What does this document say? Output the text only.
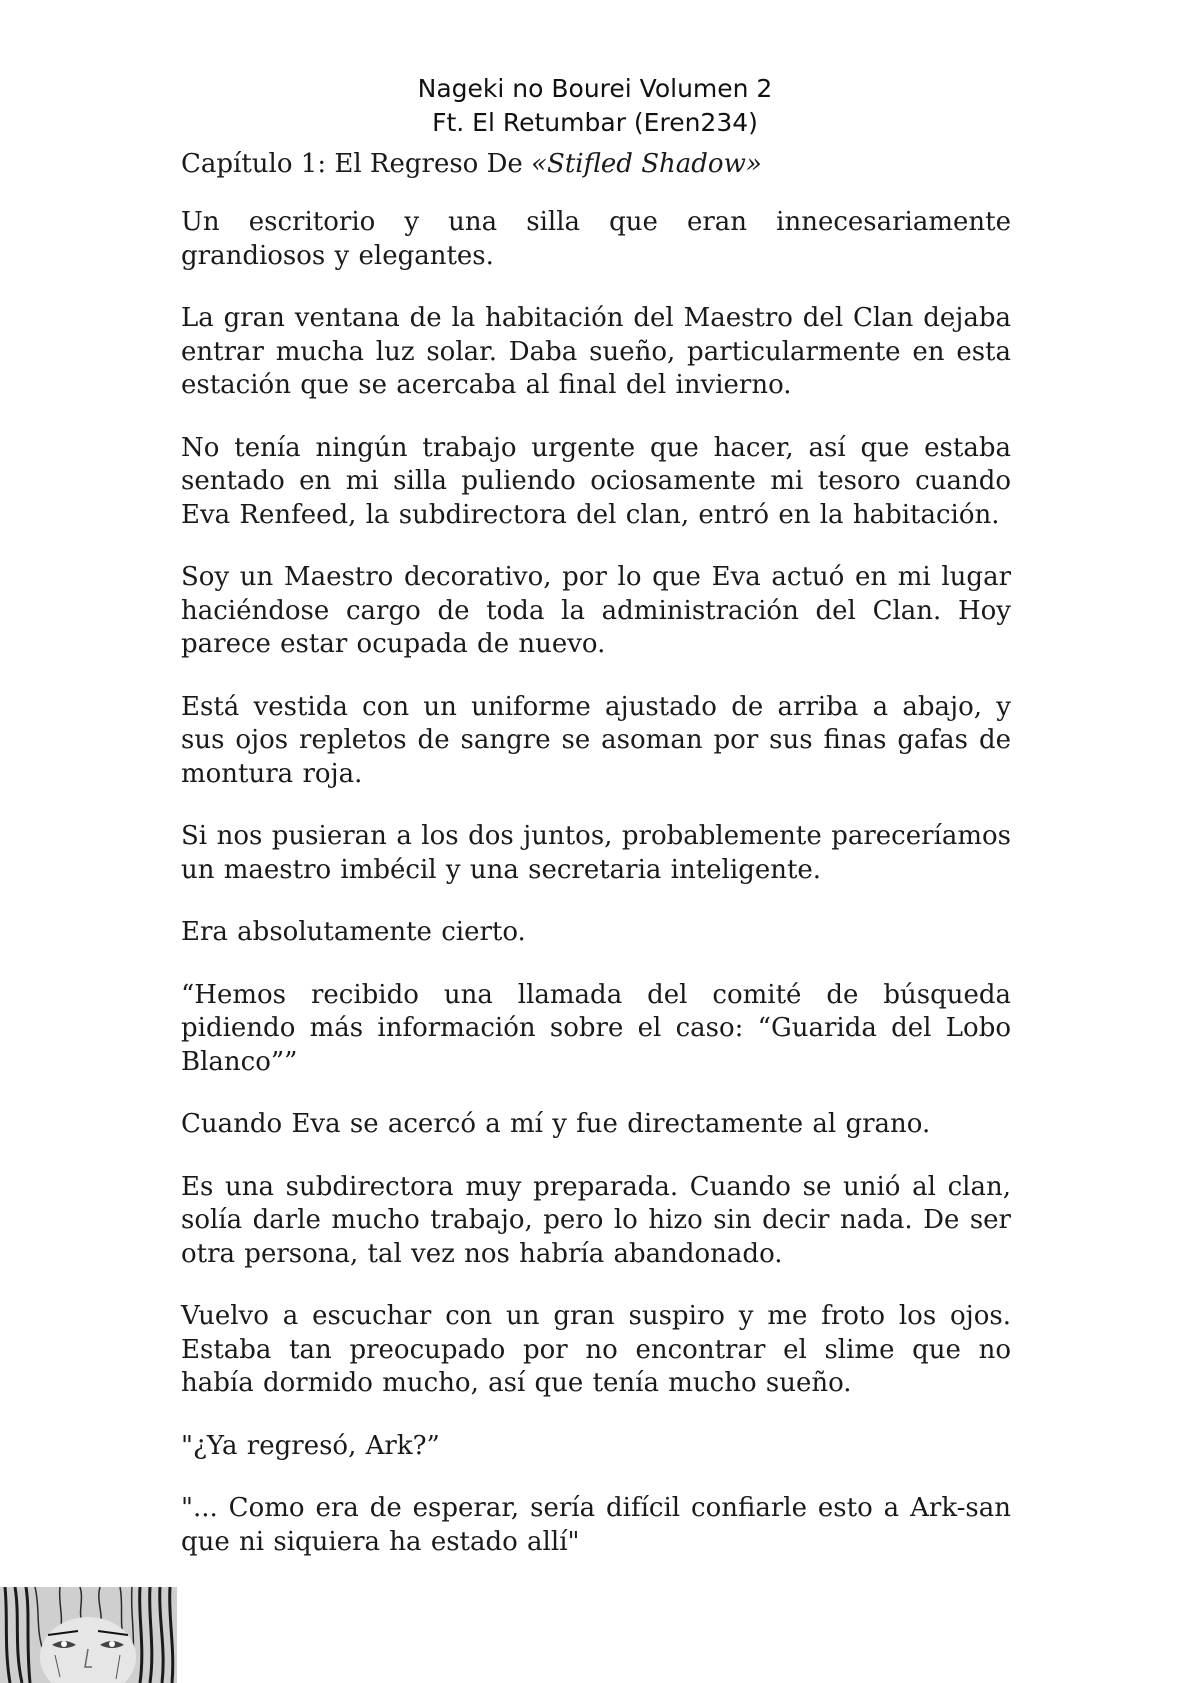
Nageki no Bourei Volumen 2
Ft. El Retumbar (Eren234)
Capítulo 1: El Regreso De «Stifled Shadow»

Un escritorio y una silla que eran innecesariamente grandiosos y elegantes.

La gran ventana de la habitación del Maestro del Clan dejaba entrar mucha luz solar. Daba sueño, particularmente en esta estación que se acercaba al final del invierno.

No tenía ningún trabajo urgente que hacer, así que estaba sentado en mi silla puliendo ociosamente mi tesoro cuando Eva Renfeed, la subdirectora del clan, entró en la habitación.

Soy un Maestro decorativo, por lo que Eva actuó en mi lugar haciéndose cargo de toda la administración del Clan. Hoy parece estar ocupada de nuevo.

Está vestida con un uniforme ajustado de arriba a abajo, y sus ojos repletos de sangre se asoman por sus finas gafas de montura roja.

Si nos pusieran a los dos juntos, probablemente pareceríamos un maestro imbécil y una secretaria inteligente.

Era absolutamente cierto.

“Hemos recibido una llamada del comité de búsqueda pidiendo más información sobre el caso: “Guarida del Lobo Blanco””

Cuando Eva se acercó a mí y fue directamente al grano.

Es una subdirectora muy preparada. Cuando se unió al clan, solía darle mucho trabajo, pero lo hizo sin decir nada. De ser otra persona, tal vez nos habría abandonado.

Vuelvo a escuchar con un gran suspiro y me froto los ojos. Estaba tan preocupado por no encontrar el slime que no había dormido mucho, así que tenía mucho sueño.

"¿Ya regresó, Ark?”

"... Como era de esperar, sería difícil confiarle esto a Ark-san que ni siquiera ha estado allí"
